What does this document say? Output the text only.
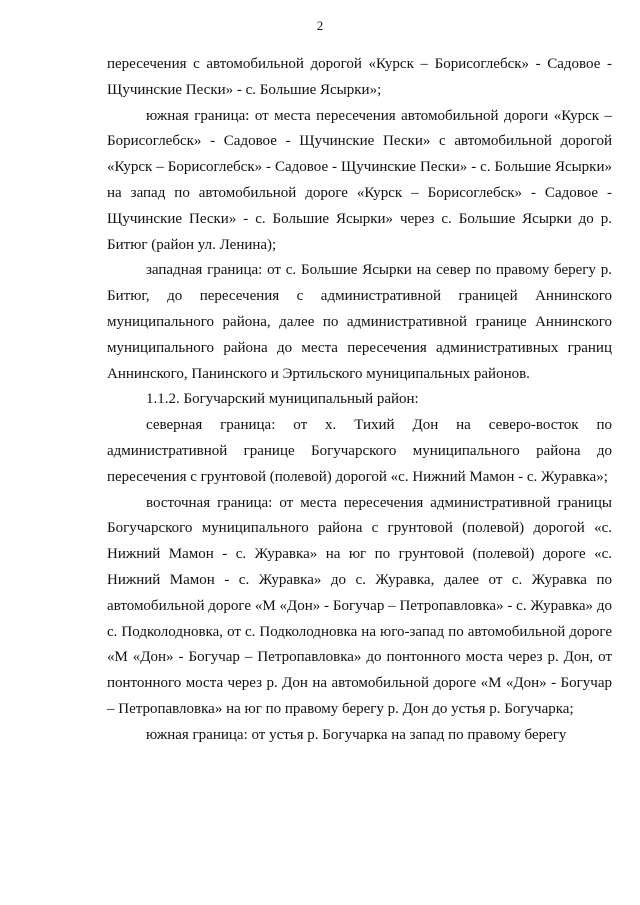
2

пересечения с автомобильной дорогой «Курск – Борисоглебск» - Садовое - Щучинские Пески» - с. Большие Ясырки»;

южная граница: от места пересечения автомобильной дороги «Курск – Борисоглебск» - Садовое - Щучинские Пески» с автомобильной дорогой «Курск – Борисоглебск» - Садовое - Щучинские Пески» - с. Большие Ясырки» на запад по автомобильной дороге «Курск – Борисоглебск» - Садовое - Щучинские Пески» - с. Большие Ясырки» через с. Большие Ясырки до р. Битюг (район ул. Ленина);

западная граница: от с. Большие Ясырки на север по правому берегу р. Битюг, до пересечения с административной границей Аннинского муниципального района, далее по административной границе Аннинского муниципального района до места пересечения административных границ Аннинского, Панинского и Эртильского муниципальных районов.

1.1.2. Богучарский муниципальный район:

северная граница: от х. Тихий Дон на северо-восток по административной границе Богучарского муниципального района до пересечения с грунтовой (полевой) дорогой «с. Нижний Мамон - с. Журавка»;

восточная граница: от места пересечения административной границы Богучарского муниципального района с грунтовой (полевой) дорогой «с. Нижний Мамон - с. Журавка» на юг по грунтовой (полевой) дороге «с. Нижний Мамон - с. Журавка» до с. Журавка, далее от с. Журавка по автомобильной дороге «М «Дон» - Богучар – Петропавловка» - с. Журавка» до с. Подколодновка, от с. Подколодновка на юго-запад по автомобильной дороге «М «Дон» - Богучар – Петропавловка» до понтонного моста через р. Дон, от понтонного моста через р. Дон на автомобильной дороге «М «Дон» - Богучар – Петропавловка» на юг по правому берегу р. Дон до устья р. Богучарка;

южная граница: от устья р. Богучарка на запад по правому берегу
